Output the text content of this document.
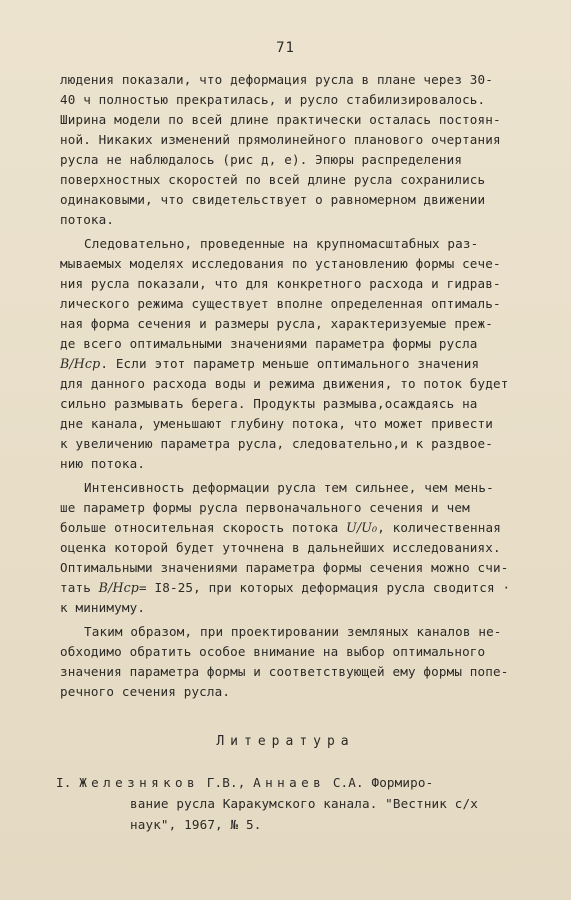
71
людения показали, что деформация русла в плане через 30-
40 ч полностью прекратилась, и русло стабилизировалось.
Ширина модели по всей длине практически осталась постоян-
ной. Никаких изменений прямолинейного планового очертания
русла не наблюдалось (рис д, е). Эпюры распределения
поверхностных скоростей по всей длине русла сохранились
одинаковыми, что свидетельствует о равномерном движении
потока.
Следовательно, проведенные на крупномасштабных раз-
мываемых моделях исследования по установлению формы сече-
ния русла показали, что для конкретного расхода и гидрав-
лического режима существует вполне определенная оптималь-
ная форма сечения и размеры русла, характеризуемые преж-
де всего оптимальными значениями параметра формы русла
B/Hср. Если этот параметр меньше оптимального значения
для данного расхода воды и режима движения, то поток будет
сильно размывать берега. Продукты размыва,осаждаясь на
дне канала, уменьшают глубину потока, что может привести
к увеличению параметра русла, следовательно,и к раздвое-
нию потока.
Интенсивность деформации русла тем сильнее, чем мень-
ше параметр формы русла первоначального сечения и чем
больше относительная скорость потока U/U₀, количественная
оценка которой будет уточнена в дальнейших исследованиях.
Оптимальными значениями параметра формы сечения можно счи-
тать B/Hср= I8-25, при которых деформация русла сводится ·
к минимуму.
Таким образом, при проектировании земляных каналов не-
обходимо обратить особое внимание на выбор оптимального
значения параметра формы и соответствующей ему формы попе-
речного сечения русла.
Литература
I. Железняков Г.В., Аннаев С.А. Формиро-
вание русла Каракумского канала. "Вестник с/х
наук", 1967, № 5.
